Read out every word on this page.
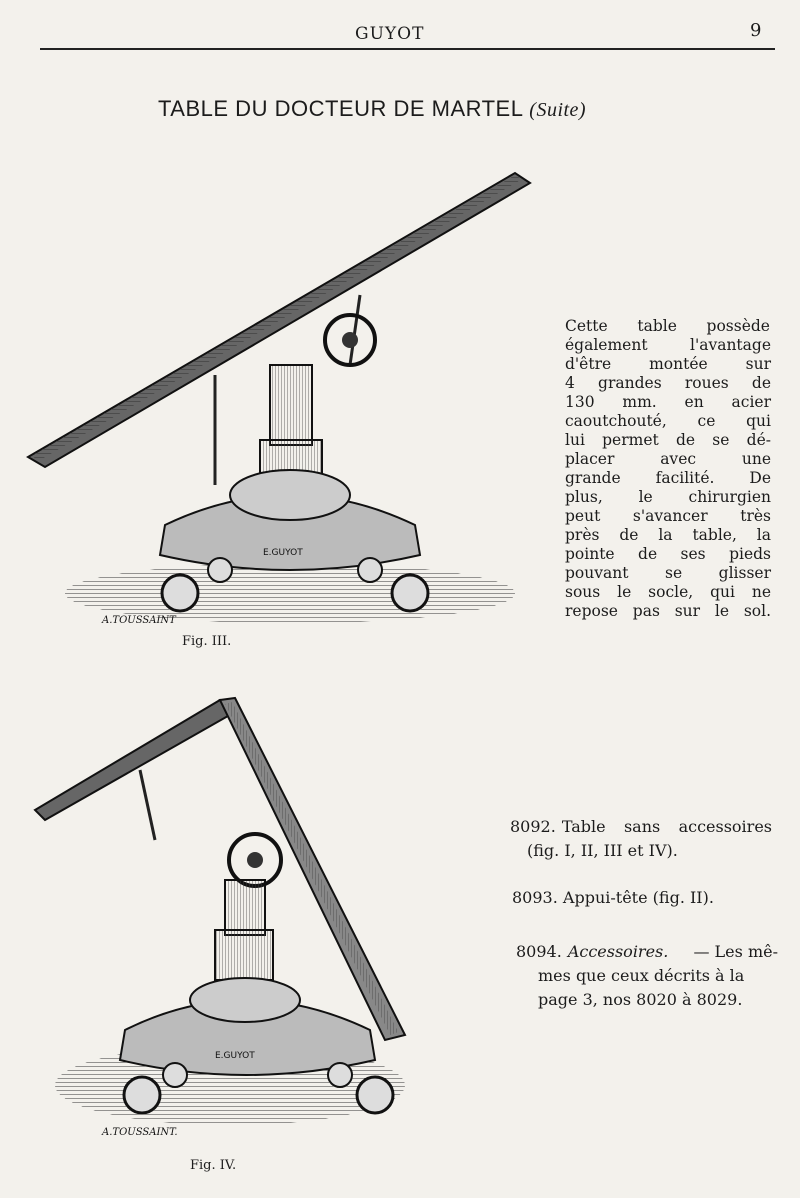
GUYOT	9
TABLE DU DOCTEUR DE MARTEL (Suite)
E.GUYOT
A.TOUSSAINT
Fig. III.
Cette table possède
également l'avantage
d'être montée sur
4 grandes roues de
130 mm. en acier
caoutchouté, ce qui
lui permet de se dé-
placer avec une
grande facilité. De
plus, le chirurgien
peut s'avancer très
près de la table, la
pointe de ses pieds
pouvant se glisser
sous le socle, qui ne
repose pas sur le sol.
E.GUYOT
A.TOUSSAINT.
Fig. IV.
8092. Table sans accessoires
(fig. I, II, III et IV).
8093. Appui-tête (fig. II).
8094. Accessoires.	— Les mê-
mes que ceux décrits à la
page 3, nos 8020 à 8029.
